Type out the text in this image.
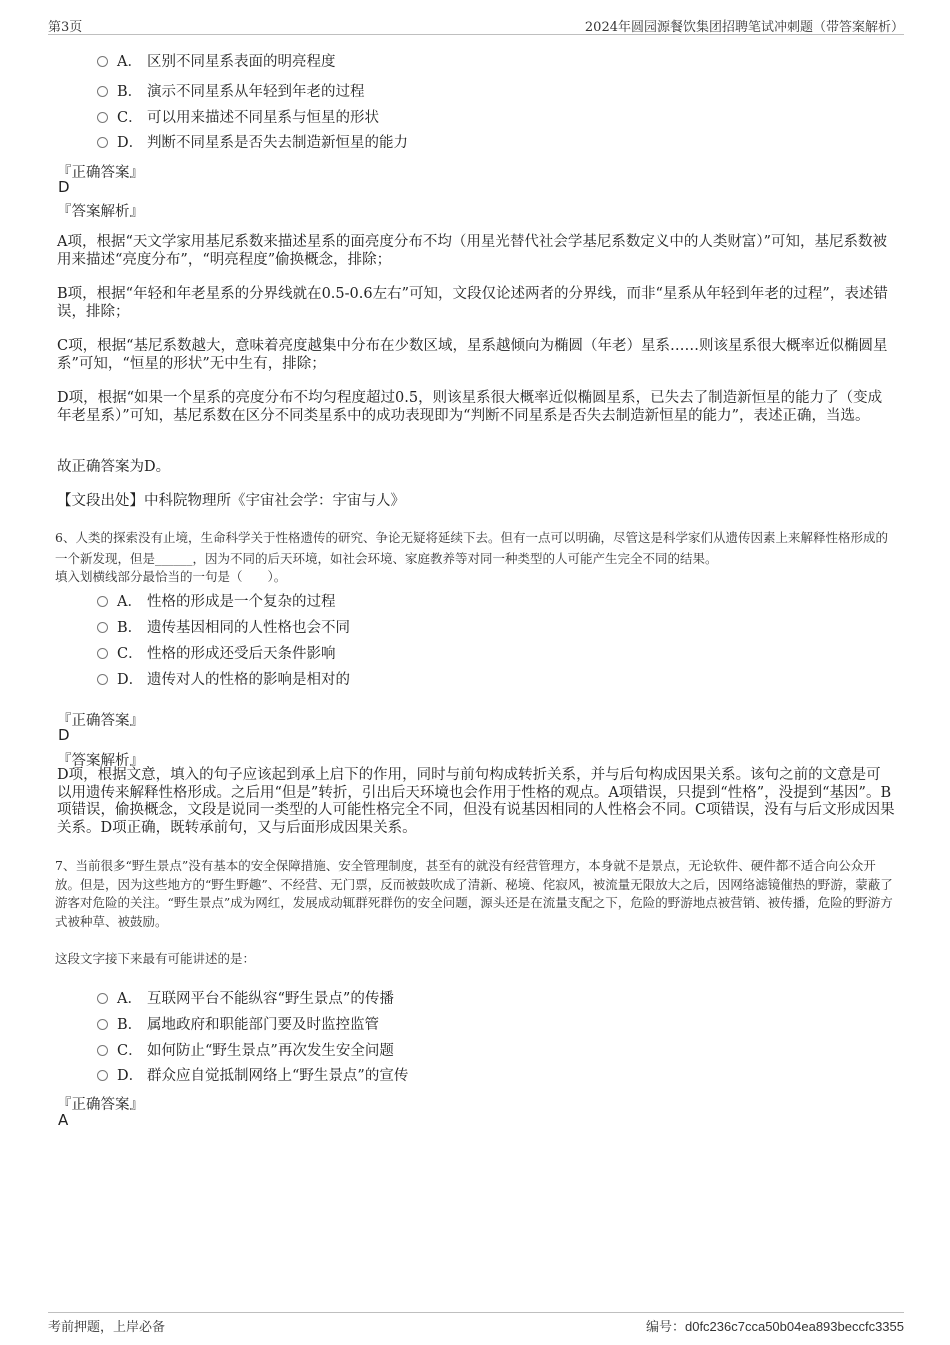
第3页	2024年圆园源餐饮集团招聘笔试冲刺题（带答案解析）
A． 区别不同星系表面的明亮程度
B． 演示不同星系从年轻到年老的过程
C． 可以用来描述不同星系与恒星的形状
D． 判断不同星系是否失去制造新恒星的能力
『正确答案』
D
『答案解析』
A项，根据“天文学家用基尼系数来描述星系的面亮度分布不均（用星光替代社会学基尼系数定义中的人类财富）”可知，基尼系数被用来描述“亮度分布”，“明亮程度”偷换概念，排除；
B项，根据“年轻和年老星系的分界线就在0.5-0.6左右”可知，文段仅论述两者的分界线，而非“星系从年轻到年老的过程”，表述错误，排除；
C项，根据“基尼系数越大，意味着亮度越集中分布在少数区域，星系越倾向为椭圆（年老）星系……则该星系很大概率近似椭圆星系”可知，“恒星的形状”无中生有，排除；
D项，根据“如果一个星系的亮度分布不均匀程度超过0.5，则该星系很大概率近似椭圆星系，已失去了制造新恒星的能力了（变成年老星系）”可知，基尼系数在区分不同类星系中的成功表现即为“判断不同星系是否失去制造新恒星的能力”，表述正确，当选。
故正确答案为D。
【文段出处】中科院物理所《宇宙社会学：宇宙与人》
6、人类的探索没有止境，生命科学关于性格遗传的研究、争论无疑将延续下去。但有一点可以明确，尽管这是科学家们从遗传因素上来解释性格形成的一个新发现，但是______，因为不同的后天环境，如社会环境、家庭教养等对同一种类型的人可能产生完全不同的结果。
填入划横线部分最恰当的一句是（　　）。
A． 性格的形成是一个复杂的过程
B． 遗传基因相同的人性格也会不同
C． 性格的形成还受后天条件影响
D． 遗传对人的性格的影响是相对的
『正确答案』
D
『答案解析』
D项，根据文意，填入的句子应该起到承上启下的作用，同时与前句构成转折关系，并与后句构成因果关系。该句之前的文意是可以用遗传来解释性格形成。之后用“但是”转折，引出后天环境也会作用于性格的观点。A项错误，只提到“性格”，没提到“基因”。B项错误，偷换概念，文段是说同一类型的人可能性格完全不同，但没有说基因相同的人性格会不同。C项错误，没有与后文形成因果关系。D项正确，既转承前句，又与后面形成因果关系。
7、当前很多“野生景点”没有基本的安全保障措施、安全管理制度，甚至有的就没有经营管理方，本身就不是景点，无论软件、硬件都不适合向公众开放。但是，因为这些地方的“野生野趣”、不经营、无门票，反而被鼓吹成了清新、秘境、侘寂风，被流量无限放大之后，因网络滤镜催热的野游，蒙蔽了游客对危险的关注。“野生景点”成为网红，发展成动辄群死群伤的安全问题，源头还是在流量支配之下，危险的野游地点被营销、被传播，危险的野游方式被种草、被鼓励。
这段文字接下来最有可能讲述的是：
A． 互联网平台不能纵容“野生景点”的传播
B． 属地政府和职能部门要及时监控监管
C． 如何防止“野生景点”再次发生安全问题
D． 群众应自觉抵制网络上“野生景点”的宣传
『正确答案』
A
考前押题，上岸必备	编号：d0fc236c7cca50b04ea893beccfc3355
